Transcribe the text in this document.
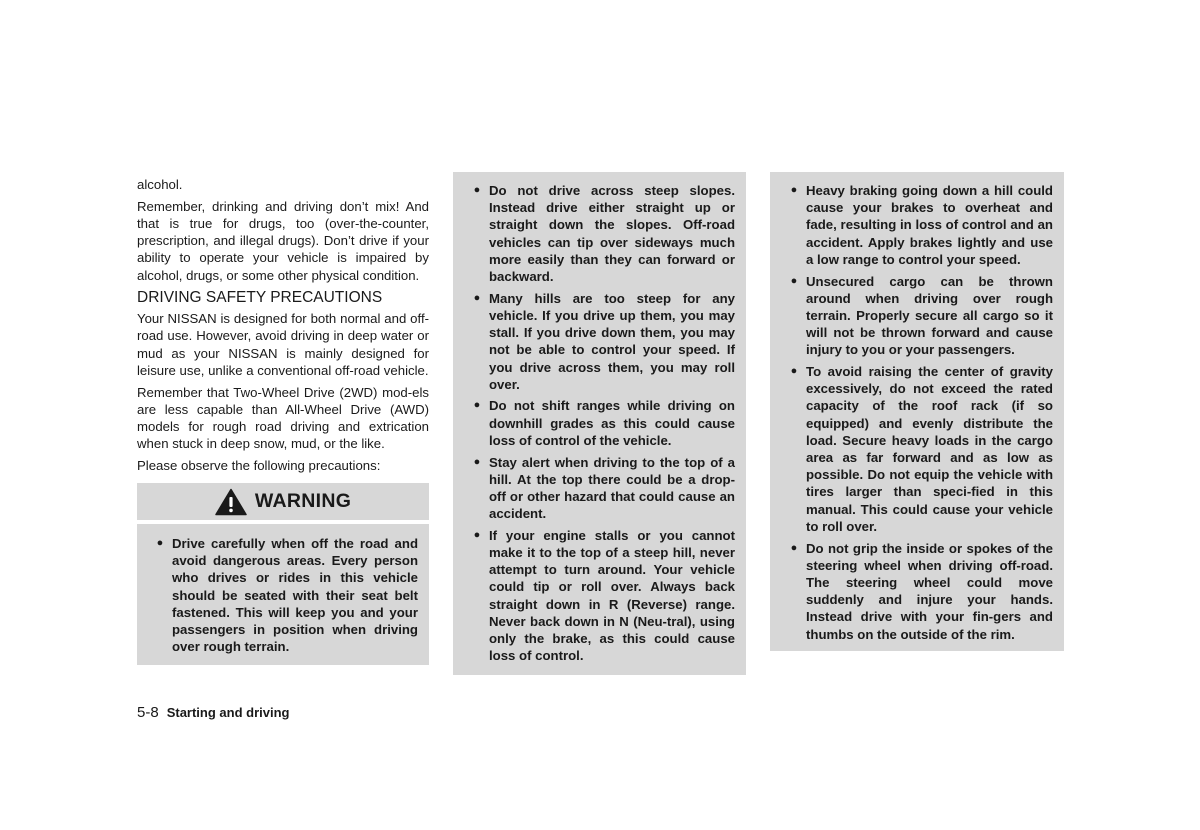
alcohol.

Remember, drinking and driving don’t mix! And that is true for drugs, too (over-the-counter, prescription, and illegal drugs). Don’t drive if your ability to operate your vehicle is impaired by alcohol, drugs, or some other physical condition.

DRIVING SAFETY PRECAUTIONS

Your NISSAN is designed for both normal and off-road use. However, avoid driving in deep water or mud as your NISSAN is mainly designed for leisure use, unlike a conventional off-road vehicle.

Remember that Two-Wheel Drive (2WD) mod-els are less capable than All-Wheel Drive (AWD) models for rough road driving and extrication when stuck in deep snow, mud, or the like.

Please observe the following precautions:

WARNING
● Drive carefully when off the road and avoid dangerous areas. Every person who drives or rides in this vehicle should be seated with their seat belt fastened. This will keep you and your passengers in position when driving over rough terrain.
● Do not drive across steep slopes. Instead drive either straight up or straight down the slopes. Off-road vehicles can tip over sideways much more easily than they can forward or backward.
● Many hills are too steep for any vehicle. If you drive up them, you may stall. If you drive down them, you may not be able to control your speed. If you drive across them, you may roll over.
● Do not shift ranges while driving on downhill grades as this could cause loss of control of the vehicle.
● Stay alert when driving to the top of a hill. At the top there could be a drop-off or other hazard that could cause an accident.
● If your engine stalls or you cannot make it to the top of a steep hill, never attempt to turn around. Your vehicle could tip or roll over. Always back straight down in R (Reverse) range. Never back down in N (Neu-tral), using only the brake, as this could cause loss of control.
● Heavy braking going down a hill could cause your brakes to overheat and fade, resulting in loss of control and an accident. Apply brakes lightly and use a low range to control your speed.
● Unsecured cargo can be thrown around when driving over rough terrain. Properly secure all cargo so it will not be thrown forward and cause injury to you or your passengers.
● To avoid raising the center of gravity excessively, do not exceed the rated capacity of the roof rack (if so equipped) and evenly distribute the load. Secure heavy loads in the cargo area as far forward and as low as possible. Do not equip the vehicle with tires larger than speci-fied in this manual. This could cause your vehicle to roll over.
● Do not grip the inside or spokes of the steering wheel when driving off-road. The steering wheel could move suddenly and injure your hands. Instead drive with your fin-gers and thumbs on the outside of the rim.
5-8 Starting and driving
